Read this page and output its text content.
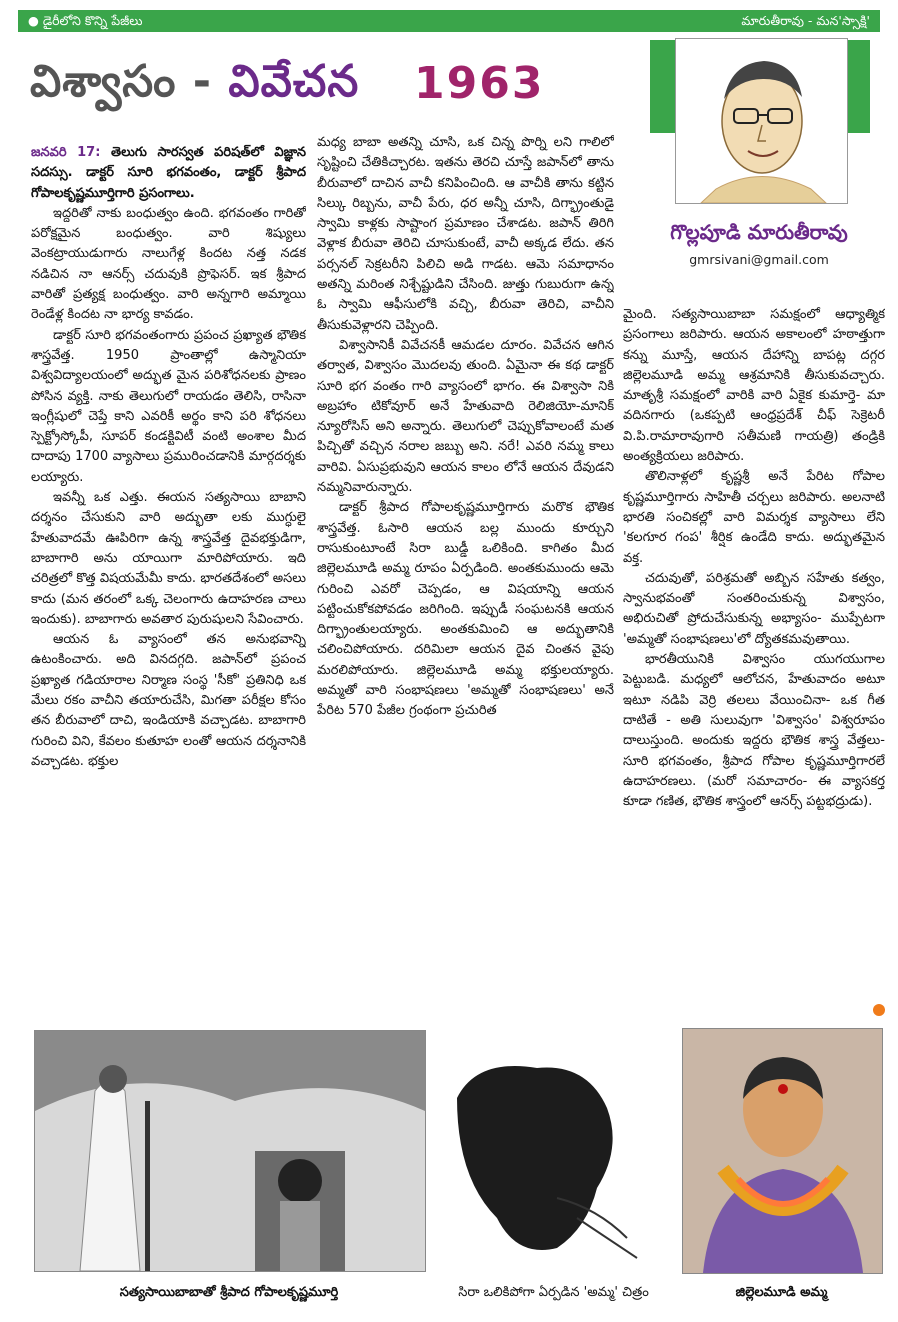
● డైరీలోని కొన్ని పేజీలు	మారుతీరావు - మన'స్సాక్షి'
విశ్వాసం - వివేచన 1963
గొల్లపూడి మారుతీరావు
gmrsivani@gmail.com

జనవరి 17: తెలుగు సారస్వత పరిషత్‌లో విజ్ఞాన సదస్సు. డాక్టర్‌ సూరి భగవంతం, డాక్టర్‌ శ్రీపాద గోపాలకృష్ణమూర్తిగారి ప్రసంగాలు.

ఇద్దరితో నాకు బంధుత్వం ఉంది. భగవంతం గారితో పరోక్షమైన బంధుత్వం. వారి శిష్యులు వెంకట్రాయుడుగారు నాలుగేళ్ల కిందట నత్త నడక నడిచిన నా ఆనర్స్‌ చదువుకి ప్రొఫెసర్‌. ఇక శ్రీపాద వారితో ప్రత్యక్ష బంధుత్వం. వారి అన్నగారి అమ్మాయి రెండేళ్ల కిందట నా భార్య కావడం.

డాక్టర్‌ సూరి భగవంతంగారు ప్రపంచ ప్రఖ్యాత భౌతిక శాస్త్రవేత్త. 1950 ప్రాంతాల్లో ఉస్మానియా విశ్వవిద్యాలయంలో అద్భుత మైన పరిశోధనలకు ప్రాణం పోసిన వ్యక్తి. నాకు తెలుగులో రాయడం తెలిసి, రాసినా ఇంగ్లీషులో చెప్తే కాని ఎవరికీ అర్థం కాని పరి శోధనలు స్పెక్ట్రోస్కోపీ, సూపర్‌ కండక్టివిటీ వంటి అంశాల మీద దాదాపు 1700 వ్యాసాలు ప్రమురించడానికి మార్గదర్శకు లయ్యారు.

ఇవన్నీ ఒక ఎత్తు. ఈయన సత్యసాయి బాబాని దర్శనం చేసుకుని వారి అద్భుతా లకు ముగ్ధులై హేతువాదమే ఊపిరిగా ఉన్న శాస్త్రవేత్త దైవభక్తుడిగా, బాబాగారి అను యాయిగా మారిపోయారు. ఇది చరిత్రలో కొత్త విషయమేమీ కాదు. భారతదేశంలో అసలు కాదు (మన తరంలో ఒక్క చెలంగారు ఉదాహరణ చాలు ఇందుకు). బాబాగారు అవతార పురుషులని సేవించారు.

ఆయన ఓ వ్యాసంలో తన అనుభవాన్ని ఉటంకించారు. అది వినదగ్గది. జపాన్‌లో ప్రపంచ ప్రఖ్యాత గడియారాల నిర్మాణ సంస్థ 'సీకో' ప్రతినిధి ఒక మేలు రకం వాచీని తయారుచేసి, మిగతా పరీక్షల కోసం తన బీరువాలో దాచి, ఇండియాకి వచ్చాడట. బాబాగారి గురించి విని, కేవలం కుతూహ లంతో ఆయన దర్శనానికి వచ్చాడట. భక్తుల

మధ్య బాబా అతన్ని చూసి, ఒక చిన్న పొర్ని లని గాలిలో సృష్టించి చేతికిచ్చారట. ఇతను తెరచి చూస్తే జపాన్‌లో తాను బీరువాలో దాచిన వాచీ కనిపించింది. ఆ వాచీకి తాను కట్టిన సిల్కు రిబ్బను, వాచీ పేరు, ధర అన్నీ చూసి, దిగ్భ్రాంతుడై స్వామి కాళ్లకు సాష్టాంగ ప్రమాణం చేశాడట. జపాన్‌ తిరిగి వెళ్లాక బీరువా తెరిచి చూసుకుంటే, వాచీ అక్కడ లేదు. తన పర్సనల్‌ సెక్రటరీని పిలిచి అడి గాడట. ఆమె సమాధానం అతన్ని మరింత నిశ్చేష్టుడిని చేసింది. జుత్తు గుబురుగా ఉన్న ఓ స్వామి ఆఫీసులోకి వచ్చి, బీరువా తెరిచి, వాచీని తీసుకువెళ్లారని చెప్పింది.

విశ్వాసానికీ వివేచనకీ ఆమడల దూరం. వివేచన ఆగిన తర్వాత, విశ్వాసం మొదలవు తుంది. ఏమైనా ఈ కథ డాక్టర్‌ సూరి భగ వంతం గారి వ్యాసంలో భాగం. ఈ విశ్వాసా నికి అబ్రహాం టికోవూర్‌ అనే హేతువాది రెలిజియో-మానిక్‌ న్యూరోసిస్‌ అని అన్నారు. తెలుగులో చెప్పుకోవాలంటే మత పిచ్చితో వచ్చిన నరాల జబ్బు అని. నరే! ఎవరి నమ్మ కాలు వారివి. ఏసుప్రభువుని ఆయన కాలం లోనే ఆయన దేవుడని నమ్మనివారున్నారు.

డాక్టర్‌ శ్రీపాద గోపాలకృష్ణమూర్తిగారు మరొక భౌతిక శాస్త్రవేత్త. ఓసారి ఆయన బల్ల ముందు కూర్చుని రాసుకుంటూంటే సిరా బుడ్డీ ఒలికింది. కాగితం మీద జిల్లెలమూడి అమ్మ రూపం ఏర్పడింది. అంతకుముందు ఆమె గురించి ఎవరో చెప్పడం, ఆ విషయాన్ని ఆయన పట్టించుకోకపోవడం జరిగింది. ఇప్పుడీ సంఘటనకి ఆయన దిగ్భ్రాంతులయ్యారు. అంతకుమించి ఆ అద్భుతానికి చలించిపోయారు. దరిమిలా ఆయన దైవ చింతన వైపు మరలిపోయారు. జిల్లెలమూడి అమ్మ భక్తులయ్యారు. అమ్మతో వారి సంభాషణలు 'అమ్మతో సంభాషణలు' అనే పేరిట 570 పేజీల గ్రంథంగా ప్రచురిత

మైంది. సత్యసాయిబాబా సమక్షంలో ఆధ్యాత్మిక ప్రసంగాలు జరిపారు. ఆయన అకాలంలో హఠాత్తుగా కన్ను మూస్తే, ఆయన దేహాన్ని బాపట్ల దగ్గర జిల్లెలమూడి అమ్మ ఆశ్రమానికి తీసుకువచ్చారు. మాతృశ్రీ సమక్షంలో వారికి వారి ఏకైక కుమార్తె- మా వదినగారు (ఒకప్పటి ఆంధ్రప్రదేశ్‌ చీఫ్‌ సెక్రెటరీ వి.పి.రామారావుగారి సతీమణి గాయత్రి) తండ్రికి అంత్యక్రియలు జరిపారు.

తొలినాళ్లలో కృష్ణశ్రీ అనే పేరిట గోపాల కృష్ణమూర్తిగారు సాహితీ చర్చలు జరిపారు. అలనాటి భారతి సంచికల్లో వారి విమర్శక వ్యాసాలు లేని 'కలగూర గంప' శీర్షిక ఉండేది కాదు. అద్భుతమైన వక్త.

చదువుతో, పరిశ్రమతో అబ్బిన సహేతు కత్వం, స్వానుభవంతో సంతరించుకున్న విశ్వాసం, అభిరుచితో ప్రోదుచేసుకున్న అభ్యాసం- ముప్పేటగా 'అమ్మతో సంభాషణలు'లో ద్యోతకమవుతాయి.

భారతీయునికి విశ్వాసం యుగయుగాల పెట్టుబడి. మధ్యలో ఆలోచన, హేతువాదం అటూ ఇటూ నడిపి వెర్రి తలలు వేయించినా- ఒక గీత దాటితే - అతి సులువుగా 'విశ్వాసం' విశ్వరూపం దాలుస్తుంది. అందుకు ఇద్దరు భౌతిక శాస్త్ర వేత్తలు- సూరి భగవంతం, శ్రీపాద గోపాల కృష్ణమూర్తిగారలే ఉదాహరణలు. (మరో సమాచారం- ఈ వ్యాసకర్త కూడా గణిత, భౌతిక శాస్త్రంలో ఆనర్స్‌ పట్టభద్రుడు).

సత్యసాయిబాబాతో శ్రీపాద గోపాలకృష్ణమూర్తి	సిరా ఒలికిపోగా ఏర్పడిన 'అమ్మ' చిత్రం	జిల్లెలమూడి అమ్మ
